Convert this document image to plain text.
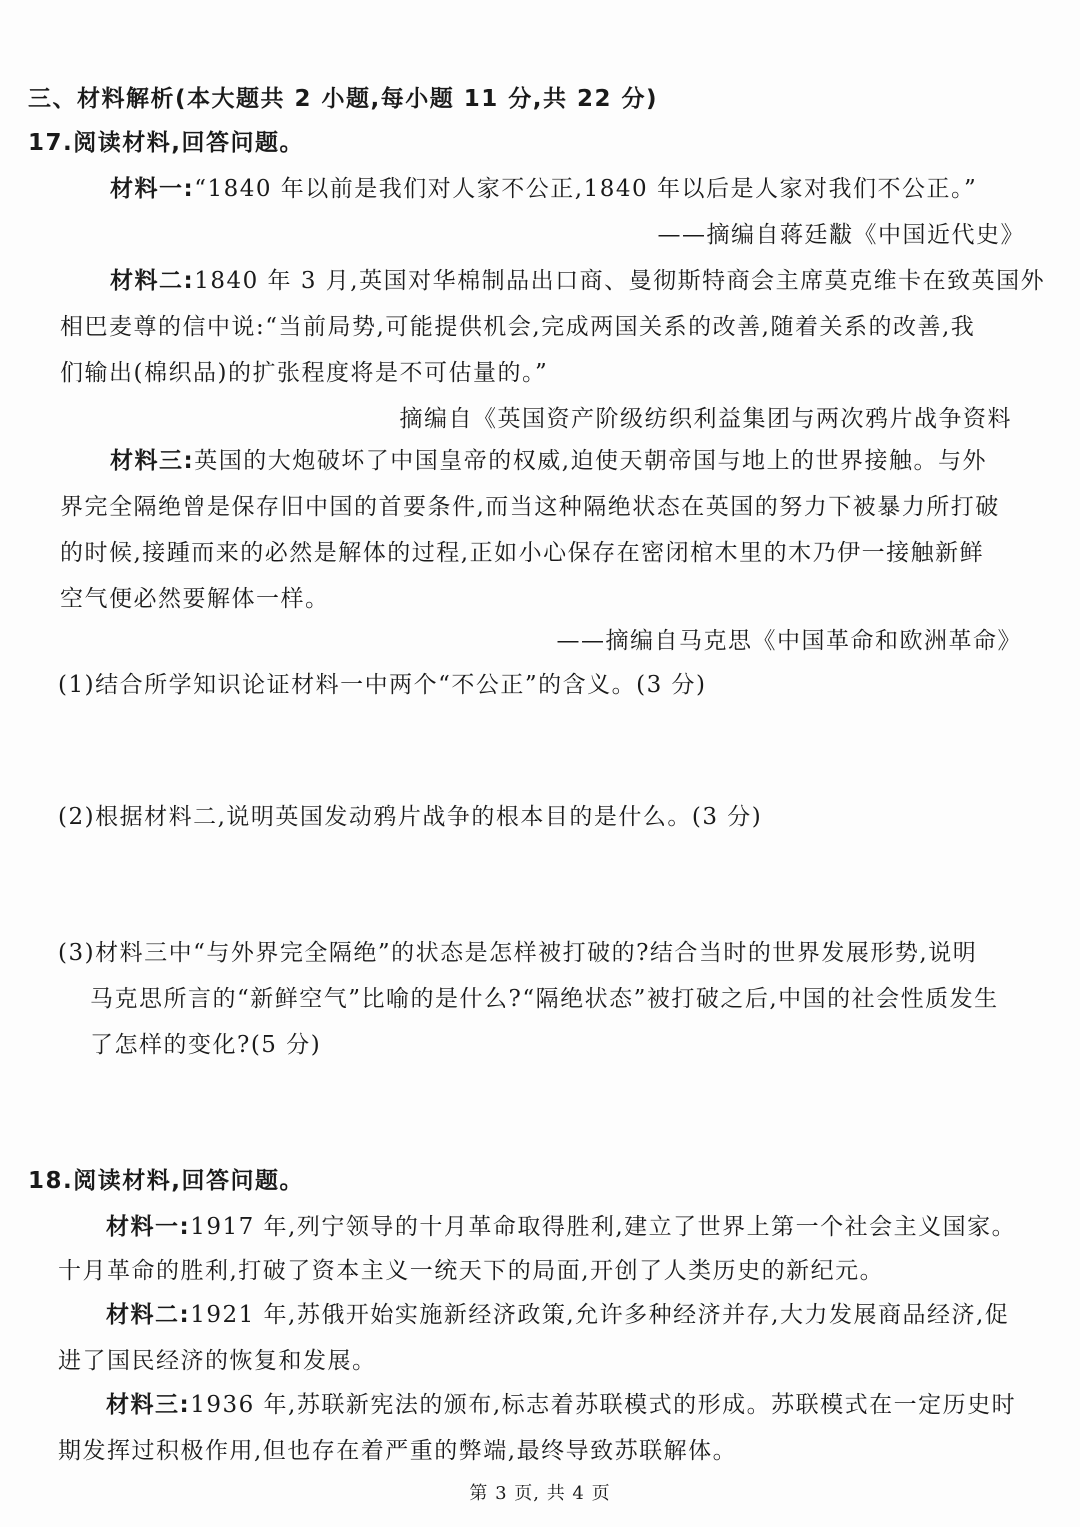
三、材料解析(本大题共 2 小题,每小题 11 分,共 22 分)
17.阅读材料,回答问题。
材料一:“1840 年以前是我们对人家不公正,1840 年以后是人家对我们不公正。”
——摘编自蒋廷黻《中国近代史》
材料二:1840 年 3 月,英国对华棉制品出口商、曼彻斯特商会主席莫克维卡在致英国外
相巴麦尊的信中说:“当前局势,可能提供机会,完成两国关系的改善,随着关系的改善,我
们输出(棉织品)的扩张程度将是不可估量的。”
摘编自《英国资产阶级纺织利益集团与两次鸦片战争资料
材料三:英国的大炮破坏了中国皇帝的权威,迫使天朝帝国与地上的世界接触。与外
界完全隔绝曾是保存旧中国的首要条件,而当这种隔绝状态在英国的努力下被暴力所打破
的时候,接踵而来的必然是解体的过程,正如小心保存在密闭棺木里的木乃伊一接触新鲜
空气便必然要解体一样。
——摘编自马克思《中国革命和欧洲革命》
(1)结合所学知识论证材料一中两个“不公正”的含义。(3 分)
(2)根据材料二,说明英国发动鸦片战争的根本目的是什么。(3 分)
(3)材料三中“与外界完全隔绝”的状态是怎样被打破的?结合当时的世界发展形势,说明
马克思所言的“新鲜空气”比喻的是什么?“隔绝状态”被打破之后,中国的社会性质发生
了怎样的变化?(5 分)
18.阅读材料,回答问题。
材料一:1917 年,列宁领导的十月革命取得胜利,建立了世界上第一个社会主义国家。
十月革命的胜利,打破了资本主义一统天下的局面,开创了人类历史的新纪元。
材料二:1921 年,苏俄开始实施新经济政策,允许多种经济并存,大力发展商品经济,促
进了国民经济的恢复和发展。
材料三:1936 年,苏联新宪法的颁布,标志着苏联模式的形成。苏联模式在一定历史时
期发挥过积极作用,但也存在着严重的弊端,最终导致苏联解体。
第 3 页, 共 4 页
